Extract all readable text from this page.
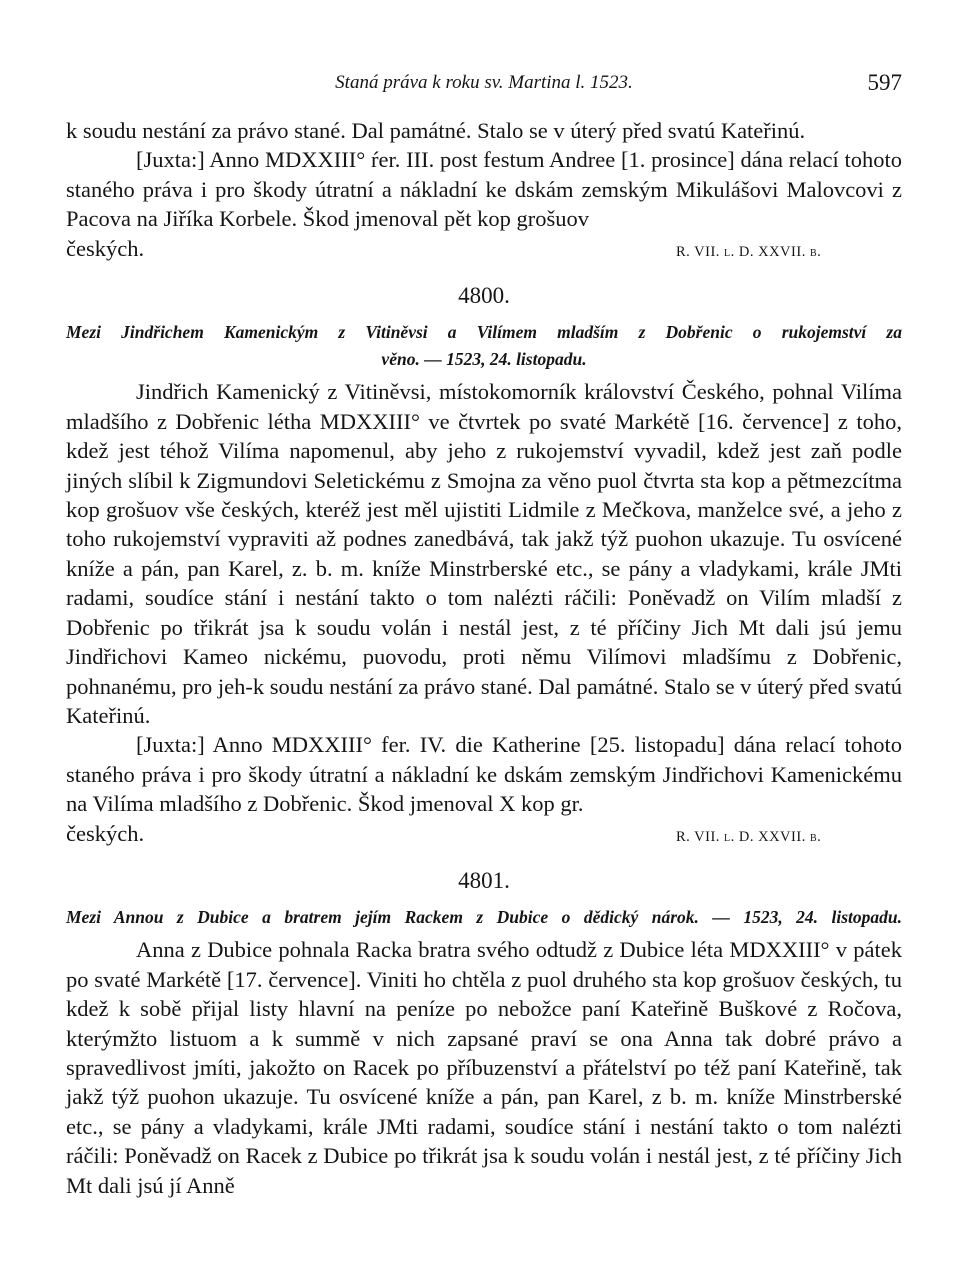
Staná práva k roku sv. Martina l. 1523.	597

k soudu nestání za právo stané. Dal památné. Stalo se v úterý před svatú Kateřinú.

[Juxta:] Anno MDXXIII° ŕer. III. post festum Andree [1. prosince] dána relací tohoto staného práva i pro škody útratní a nákladní ke dskám zemským Mikulášovi Malovcovi z Pacova na Jiříka Korbele. Škod jmenoval pět kop grošuov

českých.	R. VII. l. D. XXVII. b.
4800.
Mezi Jindřichem Kamenickým z Vitiněvsi a Vilímem mladším z Dobřenic o rukojemství za
věno. — 1523, 24. listopadu.

Jindřich Kamenický z Vitiněvsi, místokomorník království Českého, pohnal Vilíma mladšího z Dobřenic létha MDXXIII° ve čtvrtek po svaté Markétě [16. července] z toho, kdež jest téhož Vilíma napomenul, aby jeho z rukojemství vyvadil, kdež jest zaň podle jiných slíbil k Zigmundovi Seletickému z Smojna za věno puol čtvrta sta kop a pětmezcítma kop grošuov vše českých, kteréž jest měl ujistiti Lidmile z Mečkova, manželce své, a jeho z toho rukojemství vypraviti až podnes zanedbává, tak jakž týž puohon ukazuje. Tu osvícené kníže a pán, pan Karel, z. b. m. kníže Minstrberské etc., se pány a vladykami, krále JMti radami, soudíce stání i nestání takto o tom nalézti ráčili: Poněvadž on Vilím mladší z Dobřenic po třikrát jsa k soudu volán i nestál jest, z té příčiny Jich Mt dali jsú jemu Jindřichovi Kameo nickému, puovodu, proti němu Vilímovi mladšímu z Dobřenic, pohnanému, pro jeh-k soudu nestání za právo stané. Dal památné. Stalo se v úterý před svatú Kateřinú.

[Juxta:] Anno MDXXIII° fer. IV. die Katherine [25. listopadu] dána relací tohoto staného práva i pro škody útratní a nákladní ke dskám zemským Jindřichovi Kamenickému na Vilíma mladšího z Dobřenic. Škod jmenoval X kop gr.

českých.	R. VII. l. D. XXVII. b.
4801.
Mezi Annou z Dubice a bratrem jejím Rackem z Dubice o dědický nárok. — 1523, 24. listopadu.

Anna z Dubice pohnala Racka bratra svého odtudž z Dubice léta MDXXIII° v pátek po svaté Markétě [17. července]. Viniti ho chtěla z puol druhého sta kop grošuov českých, tu kdež k sobě přijal listy hlavní na peníze po nebožce paní Kateřině Buškové z Ročova, kterýmžto listuom a k summě v nich zapsané praví se ona Anna tak dobré právo a spravedlivost jmíti, jakožto on Racek po příbuzenství a přátelství po též paní Kateřině, tak jakž týž puohon ukazuje. Tu osvícené kníže a pán, pan Karel, z b. m. kníže Minstrberské etc., se pány a vladykami, krále JMti radami, soudíce stání i nestání takto o tom nalézti ráčili: Poněvadž on Racek z Dubice po třikrát jsa k soudu volán i nestál jest, z té příčiny Jich Mt dali jsú jí Anně
